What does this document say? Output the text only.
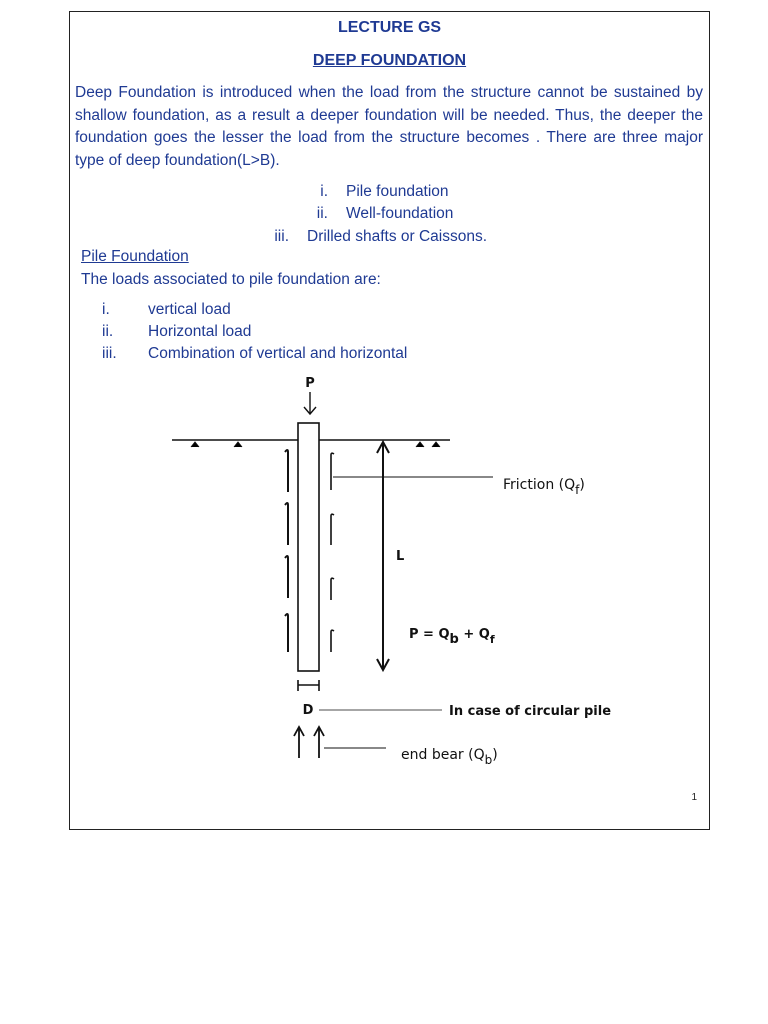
LECTURE GS
DEEP FOUNDATION

Deep Foundation is introduced when the load from the structure cannot be sustained by shallow foundation, as a result a deeper foundation will be needed. Thus, the deeper the foundation goes the lesser the load from the structure becomes . There are three major type of deep foundation(L>B).

i. Pile foundation
ii. Well-foundation
iii. Drilled shafts or Caissons.
Pile Foundation
The loads associated to pile foundation are:
i. vertical load
ii. Horizontal load
iii. Combination of vertical and horizontal
P
Friction (Qf)
L
$P = Qb + Q_f$
D	In case of circular pile
end bear (Qb)
1
